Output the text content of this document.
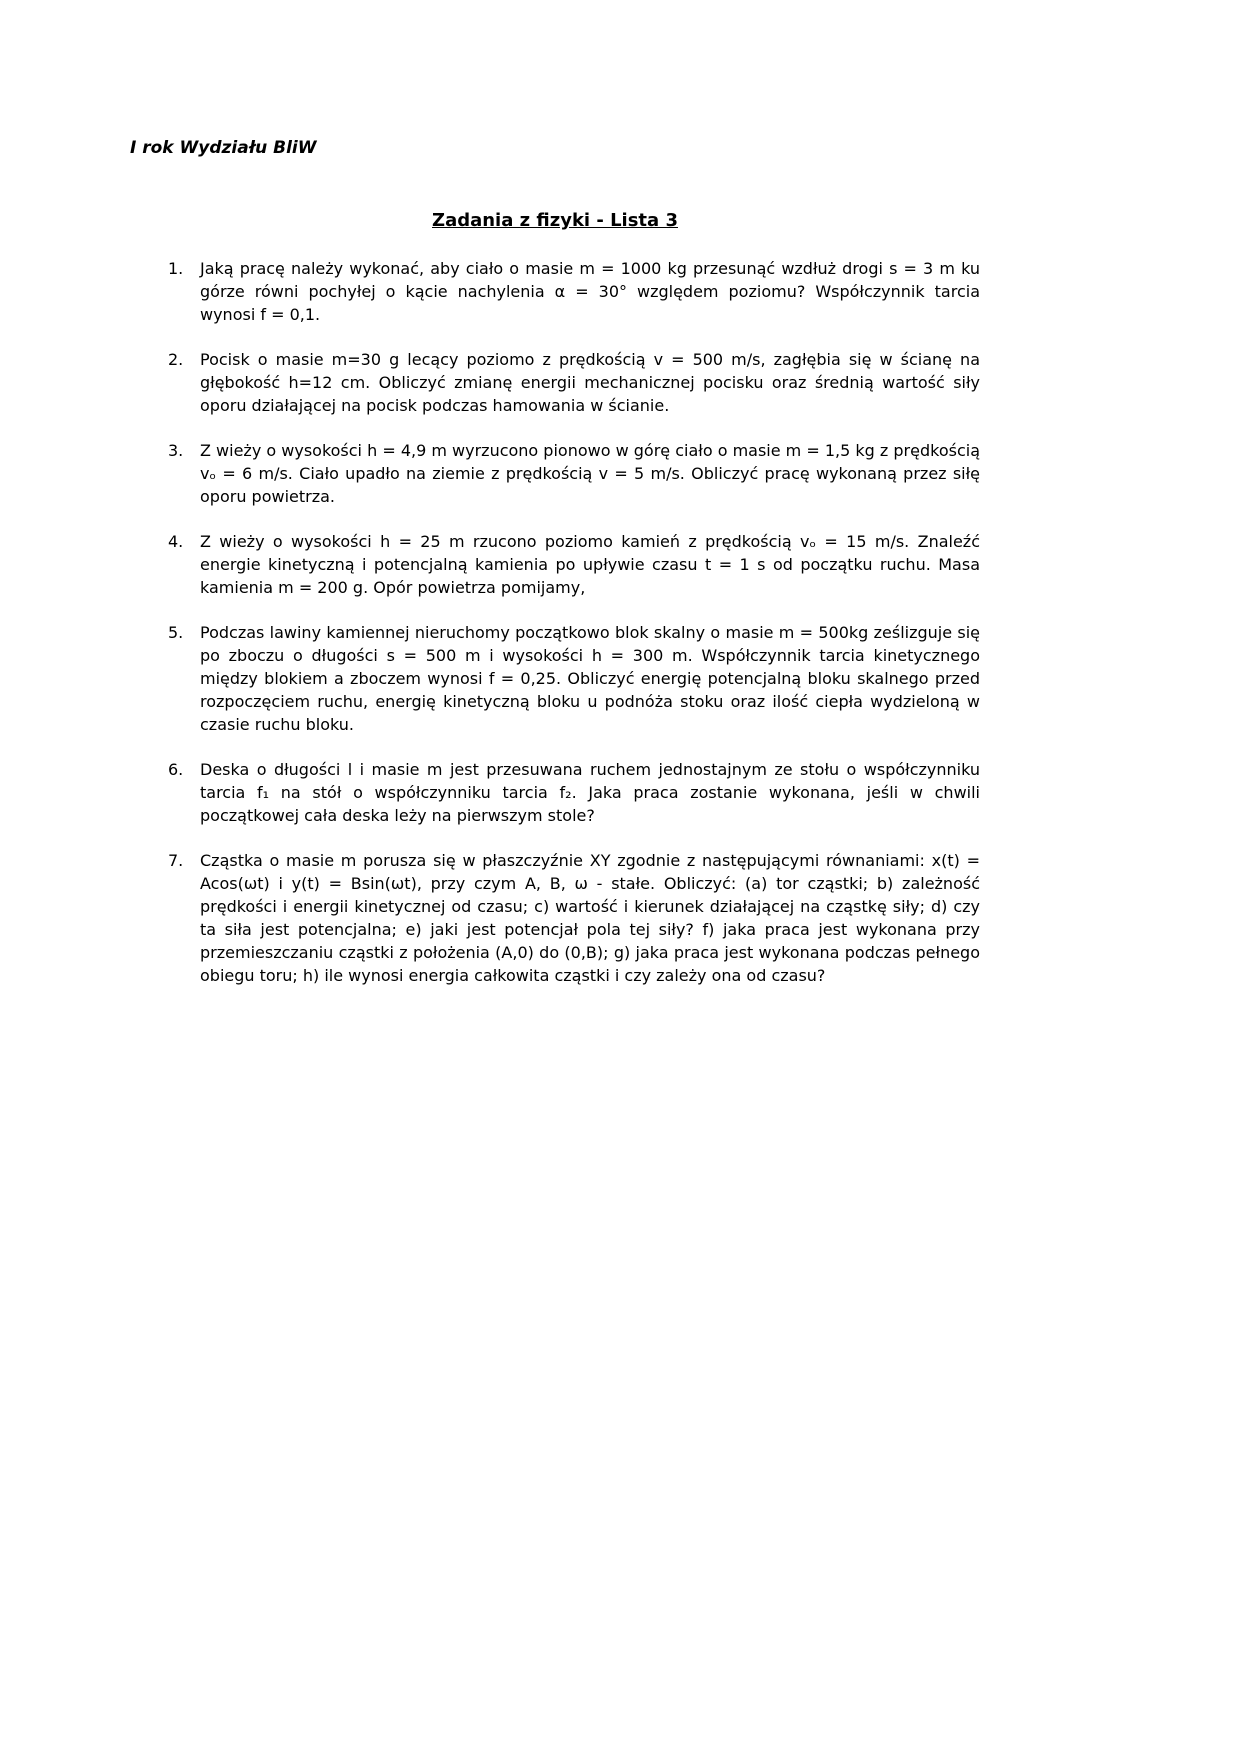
I rok Wydziału BliW
Zadania z fizyki - Lista 3
1.	Jaką pracę należy wykonać, aby ciało o masie m = 1000 kg przesunąć wzdłuż drogi s = 3 m ku górze równi pochyłej o kącie nachylenia α = 30° względem poziomu? Współczynnik tarcia wynosi f = 0,1.
2.	Pocisk o masie m=30 g lecący poziomo z prędkością v = 500 m/s, zagłębia się w ścianę na głębokość h=12 cm. Obliczyć zmianę energii mechanicznej pocisku oraz średnią wartość siły oporu działającej na pocisk podczas hamowania w ścianie.
3.	Z wieży o wysokości h = 4,9 m wyrzucono pionowo w górę ciało o masie m = 1,5 kg z prędkością vₒ = 6 m/s. Ciało upadło na ziemie z prędkością v = 5 m/s. Obliczyć pracę wykonaną przez siłę oporu powietrza.
4.	Z wieży o wysokości h = 25 m rzucono poziomo kamień z prędkością vₒ = 15 m/s. Znaleźć energie kinetyczną i potencjalną kamienia po upływie czasu t = 1 s od początku ruchu. Masa kamienia m = 200 g. Opór powietrza pomijamy,
5.	Podczas lawiny kamiennej nieruchomy początkowo blok skalny o masie m = 500kg ześlizguje się po zboczu o długości s = 500 m i wysokości h = 300 m. Współczynnik tarcia kinetycznego między blokiem a zboczem wynosi f = 0,25. Obliczyć energię potencjalną bloku skalnego przed rozpoczęciem ruchu, energię kinetyczną bloku u podnóża stoku oraz ilość ciepła wydzieloną w czasie ruchu bloku.
6.	Deska o długości l i masie m jest przesuwana ruchem jednostajnym ze stołu o współczynniku tarcia f₁ na stół o współczynniku tarcia f₂. Jaka praca zostanie wykonana, jeśli w chwili początkowej cała deska leży na pierwszym stole?
7.	Cząstka o masie m porusza się w płaszczyźnie XY zgodnie z następującymi równaniami: x(t) = Acos(ωt) i y(t) = Bsin(ωt), przy czym A, B, ω - stałe. Obliczyć: (a) tor cząstki; b) zależność prędkości i energii kinetycznej od czasu; c) wartość i kierunek działającej na cząstkę siły; d) czy ta siła jest potencjalna; e) jaki jest potencjał pola tej siły? f) jaka praca jest wykonana przy przemieszczaniu cząstki z położenia (A,0) do (0,B); g) jaka praca jest wykonana podczas pełnego obiegu toru; h) ile wynosi energia całkowita cząstki i czy zależy ona od czasu?
